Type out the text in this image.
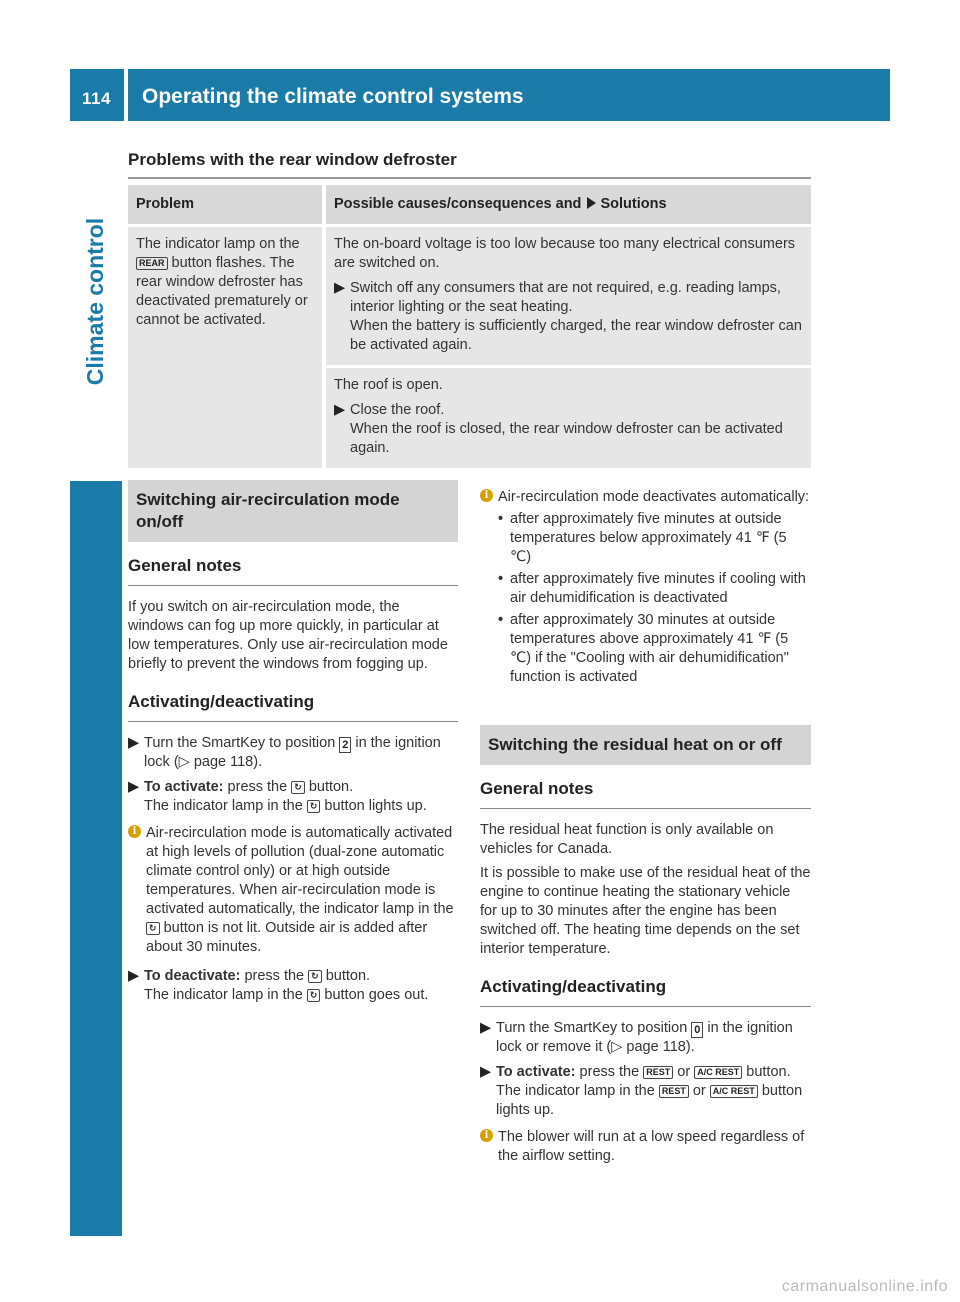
114 Operating the climate control systems
Climate control
Problems with the rear window defroster
Problem	Possible causes/consequences and Solutions
The indicator lamp on the REAR button flashes. The rear window defroster has deactivated prematurely or cannot be activated.	The on-board voltage is too low because too many electrical consumers are switched on.

▶ Switch off any consumers that are not required, e.g. reading lamps, interior lighting or the seat heating.

When the battery is sufficiently charged, the rear window defroster can be activated again.

	The roof is open.

▶ Close the roof.

When the roof is closed, the rear window defroster can be activated again.

Switching air-recirculation mode on/off
General notes

If you switch on air-recirculation mode, the windows can fog up more quickly, in particular at low temperatures. Only use air-recirculation mode briefly to prevent the windows from fogging up.

Activating/deactivating
▶ Turn the SmartKey to position 2 in the ignition lock (▷ page 118).
▶ To activate: press the ↻ button.
The indicator lamp in the ↻ button lights up.
i Air-recirculation mode is automatically activated at high levels of pollution (dual-zone automatic climate control only) or at high outside temperatures. When air-recirculation mode is activated automatically, the indicator lamp in the ↻ button is not lit. Outside air is added after about 30 minutes.
▶ To deactivate: press the ↻ button.
The indicator lamp in the ↻ button goes out.
i Air-recirculation mode deactivates automatically:
• after approximately five minutes at outside temperatures below approximately 41 ℉ (5 ℃)
• after approximately five minutes if cooling with air dehumidification is deactivated
• after approximately 30 minutes at outside temperatures above approximately 41 ℉ (5 ℃) if the "Cooling with air dehumidification" function is activated
Switching the residual heat on or off
General notes

The residual heat function is only available on vehicles for Canada.

It is possible to make use of the residual heat of the engine to continue heating the stationary vehicle for up to 30 minutes after the engine has been switched off. The heating time depends on the set interior temperature.

Activating/deactivating
▶ Turn the SmartKey to position 0 in the ignition lock or remove it (▷ page 118).
▶ To activate: press the REST or A/C REST button.
The indicator lamp in the REST or A/C REST button lights up.
i The blower will run at a low speed regardless of the airflow setting.
carmanualsonline.info
